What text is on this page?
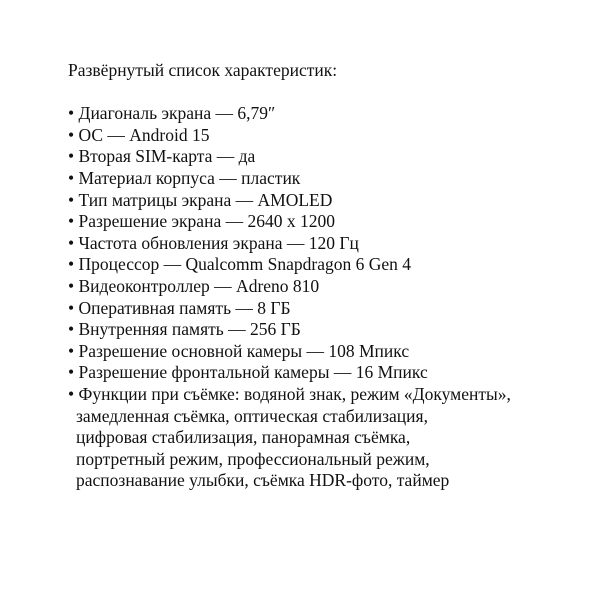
Развёрнутый список характеристик:
• Диагональ экрана — 6,79″
• ОС — Android 15
• Вторая SIM-карта — да
• Материал корпуса — пластик
• Тип матрицы экрана — AMOLED
• Разрешение экрана — 2640 x 1200
• Частота обновления экрана — 120 Гц
• Процессор — Qualcomm Snapdragon 6 Gen 4
• Видеоконтроллер — Adreno 810
• Оперативная память — 8 ГБ
• Внутренняя память — 256 ГБ
• Разрешение основной камеры — 108 Мпикс
• Разрешение фронтальной камеры — 16 Мпикс
• Функции при съёмке: водяной знак, режим «Документы»,
замедленная съёмка, оптическая стабилизация,
цифровая стабилизация, панорамная съёмка,
портретный режим, профессиональный режим,
распознавание улыбки, съёмка HDR-фото, таймер
